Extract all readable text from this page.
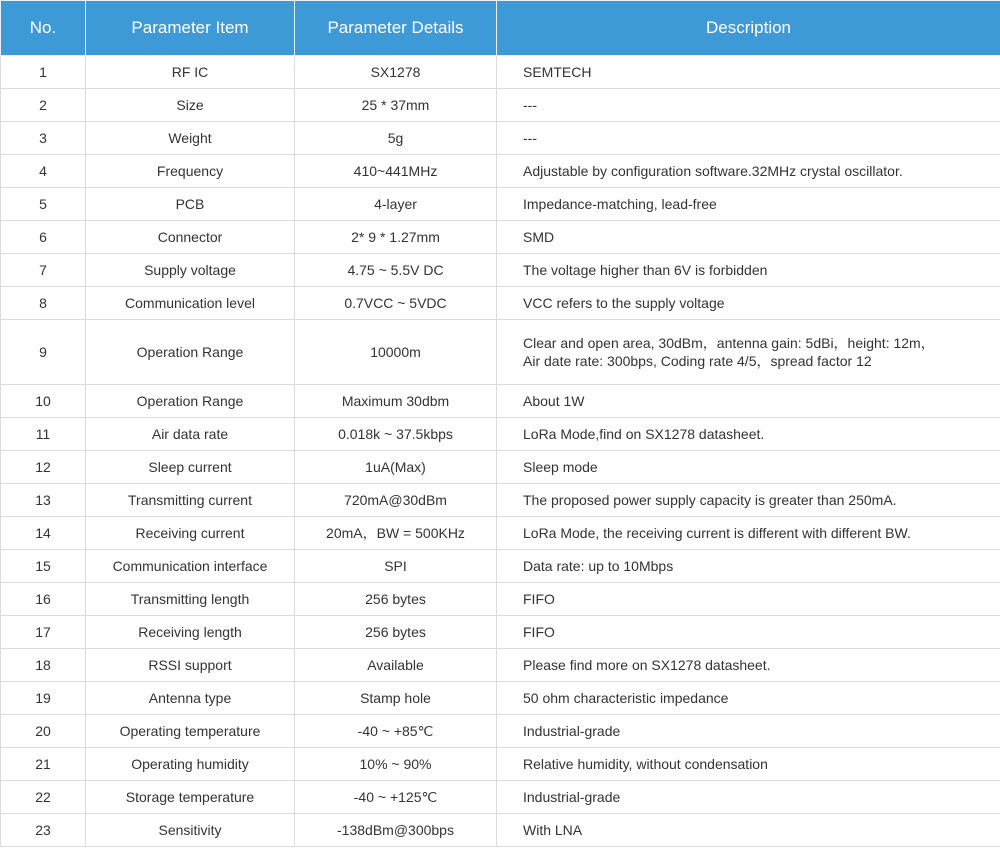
No.	Parameter Item	Parameter Details	Description
1	RF IC	SX1278	SEMTECH
2	Size	25 * 37mm	---
3	Weight	5g	---
4	Frequency	410~441MHz	Adjustable by configuration software.32MHz crystal oscillator.
5	PCB	4-layer	Impedance-matching, lead-free
6	Connector	2* 9 * 1.27mm	SMD
7	Supply voltage	4.75 ~ 5.5V DC	The voltage higher than 6V is forbidden
8	Communication level	0.7VCC ~ 5VDC	VCC refers to the supply voltage
9	Operation Range	10000m	Clear and open area, 30dBm，antenna gain: 5dBi，height: 12m，
Air date rate: 300bps, Coding rate 4/5，spread factor 12

10	Operation Range	Maximum 30dbm	About 1W
11	Air data rate	0.018k ~ 37.5kbps	LoRa Mode,find on SX1278 datasheet.
12	Sleep current	1uA(Max)	Sleep mode
13	Transmitting current	720mA@30dBm	The proposed power supply capacity is greater than 250mA.
14	Receiving current	20mA，BW = 500KHz	LoRa Mode, the receiving current is different with different BW.
15	Communication interface	SPI	Data rate: up to 10Mbps
16	Transmitting length	256 bytes	FIFO
17	Receiving length	256 bytes	FIFO
18	RSSI support	Available	Please find more on SX1278 datasheet.
19	Antenna type	Stamp hole	50 ohm characteristic impedance
20	Operating temperature	-40 ~ +85℃	Industrial-grade
21	Operating humidity	10% ~ 90%	Relative humidity, without condensation
22	Storage temperature	-40 ~ +125℃	Industrial-grade
23	Sensitivity	-138dBm@300bps	With LNA
